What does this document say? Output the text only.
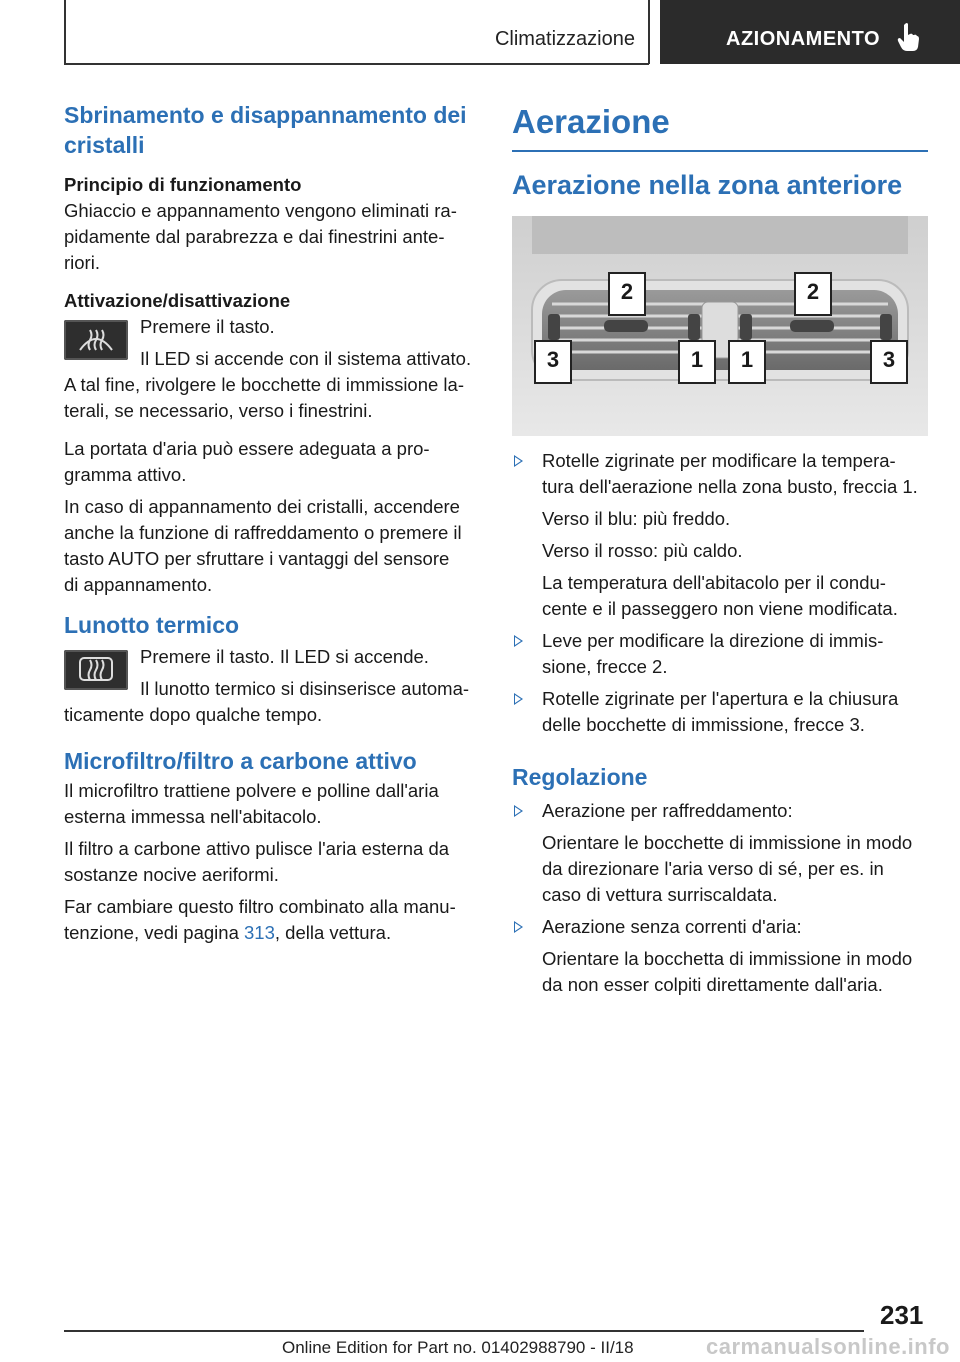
Climatizzazione	AZIONAMENTO
Sbrinamento e disappannamento dei cristalli
Principio di funzionamento

Ghiaccio e appannamento vengono eliminati ra-

pidamente dal parabrezza e dai finestrini ante-

riori.

Attivazione/disattivazione

Premere il tasto.

Il LED si accende con il sistema attivato.

A tal fine, rivolgere le bocchette di immissione la-

terali, se necessario, verso i finestrini.

La portata d'aria può essere adeguata a pro-

gramma attivo.

In caso di appannamento dei cristalli, accendere

anche la funzione di raffreddamento o premere il

tasto AUTO per sfruttare i vantaggi del sensore

di appannamento.

Lunotto termico

Premere il tasto. Il LED si accende.

Il lunotto termico si disinserisce automa-

ticamente dopo qualche tempo.

Microfiltro/filtro a carbone attivo

Il microfiltro trattiene polvere e polline dall'aria

esterna immessa nell'abitacolo.

Il filtro a carbone attivo pulisce l'aria esterna da

sostanze nocive aeriformi.

Far cambiare questo filtro combinato alla manu-

tenzione, vedi pagina 313, della vettura.

Aerazione
Aerazione nella zona anteriore
2	2
3	1	1	3

Rotelle zigrinate per modificare la tempera-

tura dell'aerazione nella zona busto, freccia 1.

Verso il blu: più freddo.

Verso il rosso: più caldo.

La temperatura dell'abitacolo per il condu-

cente e il passeggero non viene modificata.

Leve per modificare la direzione di immis-

sione, frecce 2.

Rotelle zigrinate per l'apertura e la chiusura

delle bocchette di immissione, frecce 3.

Regolazione

Aerazione per raffreddamento:

Orientare le bocchette di immissione in modo

da direzionare l'aria verso di sé, per es. in

caso di vettura surriscaldata.

Aerazione senza correnti d'aria:

Orientare la bocchetta di immissione in modo

da non esser colpiti direttamente dall'aria.

231
Online Edition for Part no. 01402988790 - II/18	carmanualsonline.info
